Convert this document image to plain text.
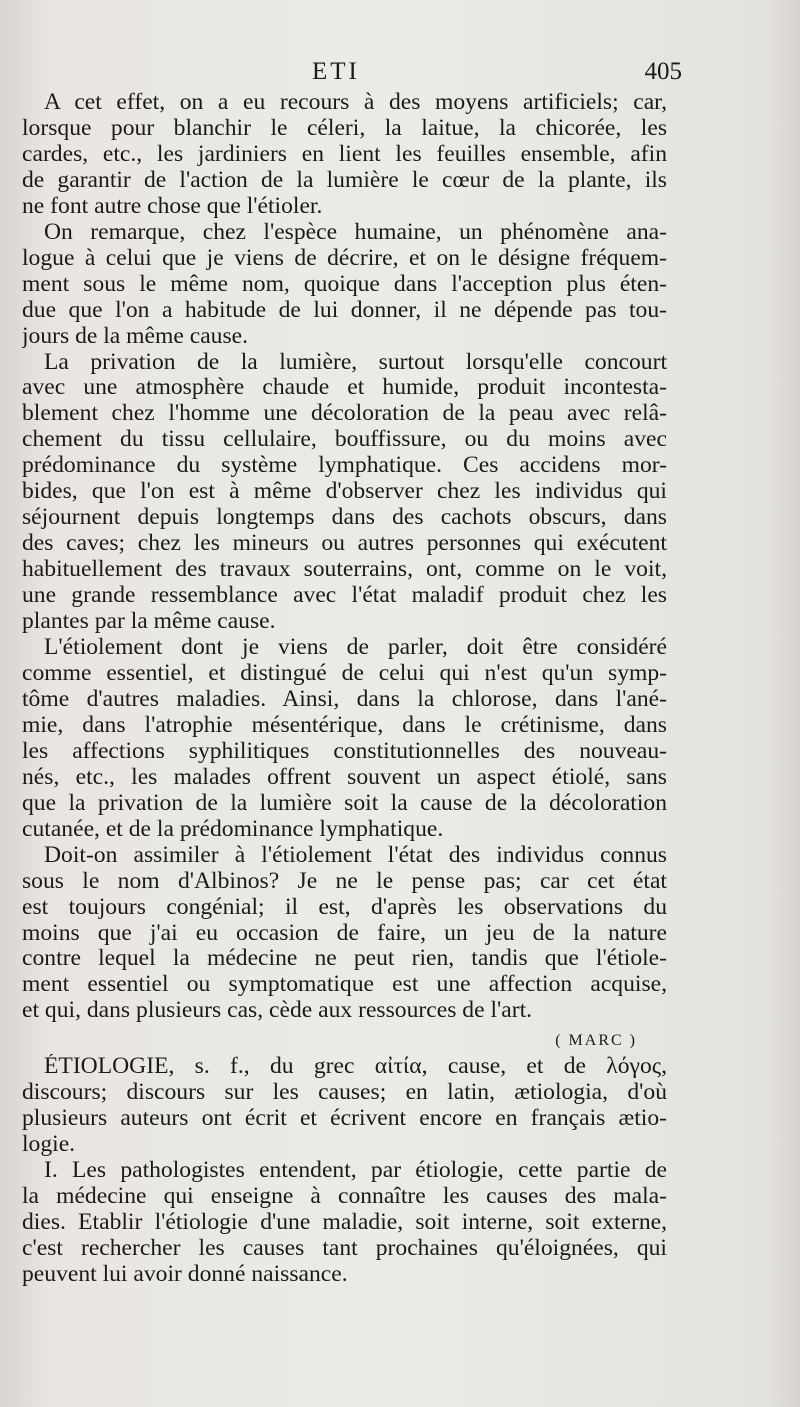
ETI	405
A cet effet, on a eu recours à des moyens artificiels; car,
lorsque pour blanchir le céleri, la laitue, la chicorée, les
cardes, etc., les jardiniers en lient les feuilles ensemble, afin
de garantir de l'action de la lumière le cœur de la plante, ils
ne font autre chose que l'étioler.
On remarque, chez l'espèce humaine, un phénomène ana-
logue à celui que je viens de décrire, et on le désigne fréquem-
ment sous le même nom, quoique dans l'acception plus éten-
due que l'on a habitude de lui donner, il ne dépende pas tou-
jours de la même cause.
La privation de la lumière, surtout lorsqu'elle concourt
avec une atmosphère chaude et humide, produit incontesta-
blement chez l'homme une décoloration de la peau avec relâ-
chement du tissu cellulaire, bouffissure, ou du moins avec
prédominance du système lymphatique. Ces accidens mor-
bides, que l'on est à même d'observer chez les individus qui
séjournent depuis longtemps dans des cachots obscurs, dans
des caves; chez les mineurs ou autres personnes qui exécutent
habituellement des travaux souterrains, ont, comme on le voit,
une grande ressemblance avec l'état maladif produit chez les
plantes par la même cause.
L'étiolement dont je viens de parler, doit être considéré
comme essentiel, et distingué de celui qui n'est qu'un symp-
tôme d'autres maladies. Ainsi, dans la chlorose, dans l'ané-
mie, dans l'atrophie mésentérique, dans le crétinisme, dans
les affections syphilitiques constitutionnelles des nouveau-
nés, etc., les malades offrent souvent un aspect étiolé, sans
que la privation de la lumière soit la cause de la décoloration
cutanée, et de la prédominance lymphatique.
Doit-on assimiler à l'étiolement l'état des individus connus
sous le nom d'Albinos? Je ne le pense pas; car cet état
est toujours congénial; il est, d'après les observations du
moins que j'ai eu occasion de faire, un jeu de la nature
contre lequel la médecine ne peut rien, tandis que l'étiole-
ment essentiel ou symptomatique est une affection acquise,
et qui, dans plusieurs cas, cède aux ressources de l'art.
( MARC )
ÉTIOLOGIE, s. f., du grec αἰτία, cause, et de λόγος,
discours; discours sur les causes; en latin, ætiologia, d'où
plusieurs auteurs ont écrit et écrivent encore en français ætio-
logie.
I. Les pathologistes entendent, par étiologie, cette partie de
la médecine qui enseigne à connaître les causes des mala-
dies. Etablir l'étiologie d'une maladie, soit interne, soit externe,
c'est rechercher les causes tant prochaines qu'éloignées, qui
peuvent lui avoir donné naissance.
